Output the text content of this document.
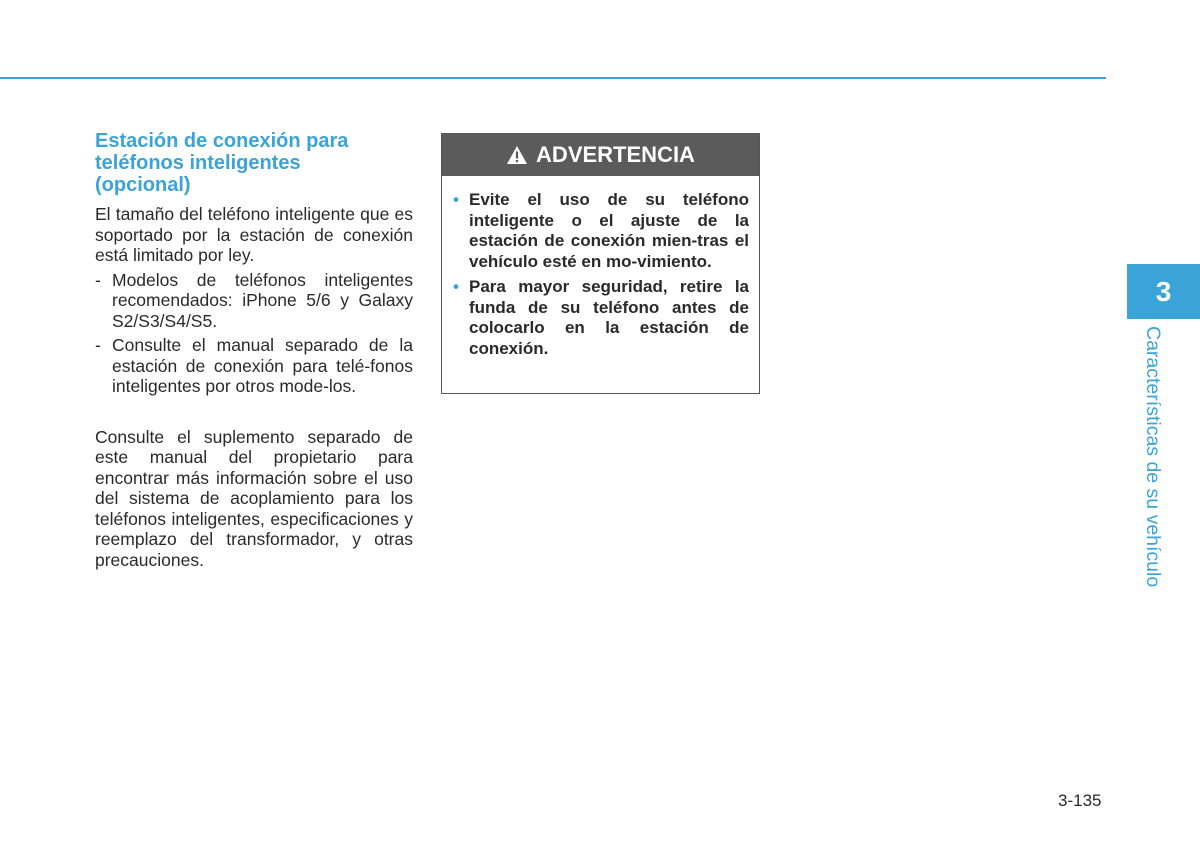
Estación de conexión para
teléfonos inteligentes
(opcional)

El tamaño del teléfono inteligente que es soportado por la estación de conexión está limitado por ley.

- Modelos de teléfonos inteligentes recomendados: iPhone 5/6 y Galaxy S2/S3/S4/S5.
- Consulte el manual separado de la estación de conexión para telé-fonos inteligentes por otros mode-los.

Consulte el suplemento separado de este manual del propietario para encontrar más información sobre el uso del sistema de acoplamiento para los teléfonos inteligentes, especificaciones y reemplazo del transformador, y otras precauciones.

ADVERTENCIA
• Evite el uso de su teléfono inteligente o el ajuste de la estación de conexión mien-tras el vehículo esté en mo-vimiento.
• Para mayor seguridad, retire la funda de su teléfono antes de colocarlo en la estación de conexión.
3
Características de su vehículo
3-135
